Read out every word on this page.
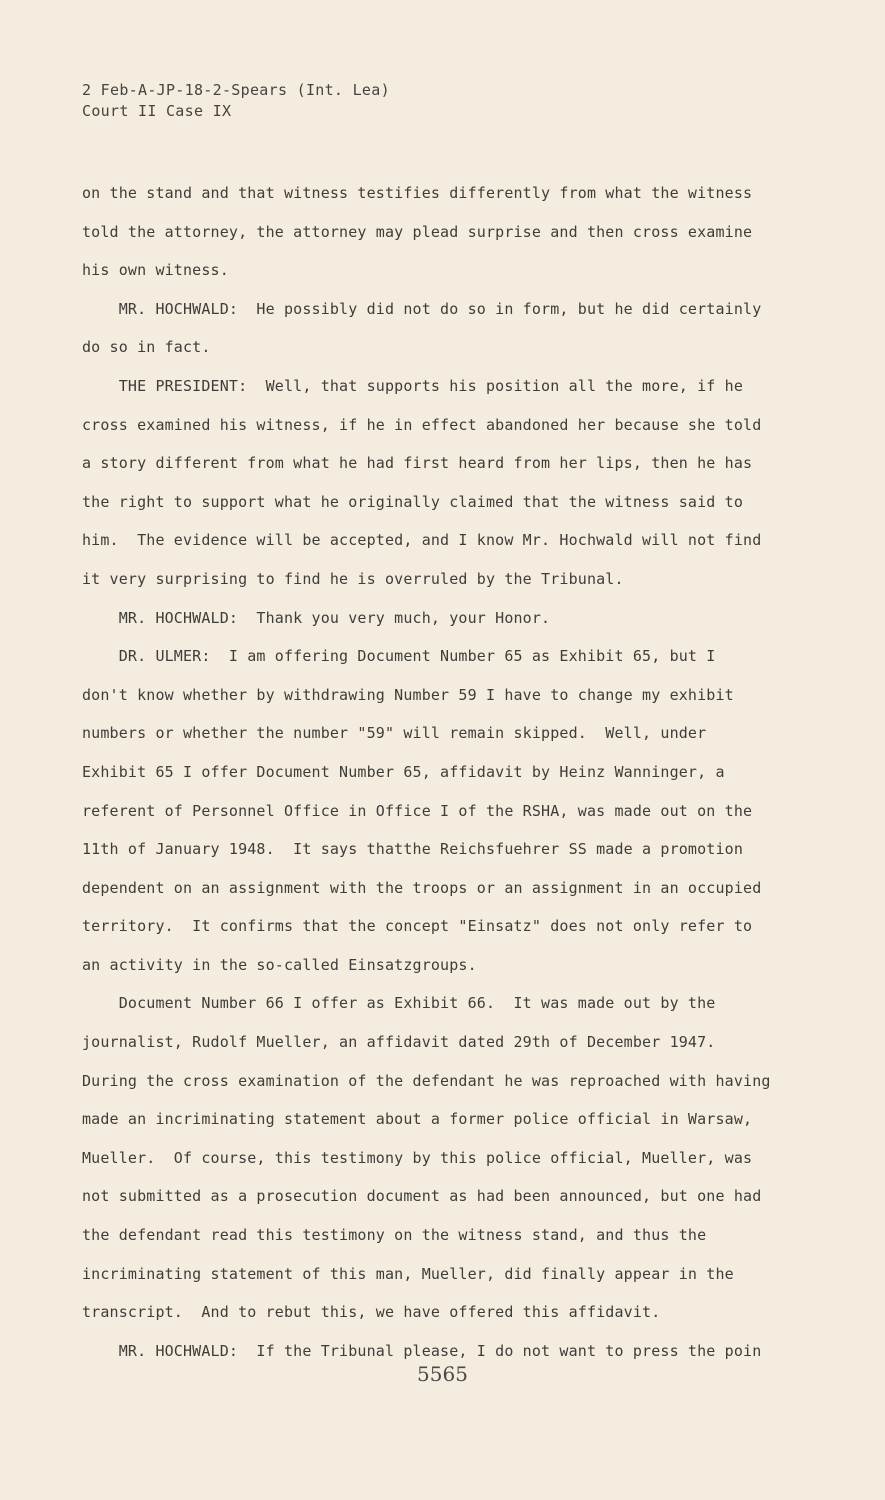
2 Feb-A-JP-18-2-Spears (Int. Lea)
Court II Case IX
on the stand and that witness testifies differently from what the witness
told the attorney, the attorney may plead surprise and then cross examine
his own witness.
MR. HOCHWALD:  He possibly did not do so in form, but he did certainly
do so in fact.
THE PRESIDENT:  Well, that supports his position all the more, if he
cross examined his witness, if he in effect abandoned her because she told
a story different from what he had first heard from her lips, then he has
the right to support what he originally claimed that the witness said to
him.  The evidence will be accepted, and I know Mr. Hochwald will not find
it very surprising to find he is overruled by the Tribunal.
MR. HOCHWALD:  Thank you very much, your Honor.
DR. ULMER:  I am offering Document Number 65 as Exhibit 65, but I
don't know whether by withdrawing Number 59 I have to change my exhibit
numbers or whether the number "59" will remain skipped.  Well, under
Exhibit 65 I offer Document Number 65, affidavit by Heinz Wanninger, a
referent of Personnel Office in Office I of the RSHA, was made out on the
11th of January 1948.  It says thatthe Reichsfuehrer SS made a promotion
dependent on an assignment with the troops or an assignment in an occupied
territory.  It confirms that the concept "Einsatz" does not only refer to
an activity in the so-called Einsatzgroups.
Document Number 66 I offer as Exhibit 66.  It was made out by the
journalist, Rudolf Mueller, an affidavit dated 29th of December 1947.
During the cross examination of the defendant he was reproached with having
made an incriminating statement about a former police official in Warsaw,
Mueller.  Of course, this testimony by this police official, Mueller, was
not submitted as a prosecution document as had been announced, but one had
the defendant read this testimony on the witness stand, and thus the
incriminating statement of this man, Mueller, did finally appear in the
transcript.  And to rebut this, we have offered this affidavit.
MR. HOCHWALD:  If the Tribunal please, I do not want to press the poin
5565
